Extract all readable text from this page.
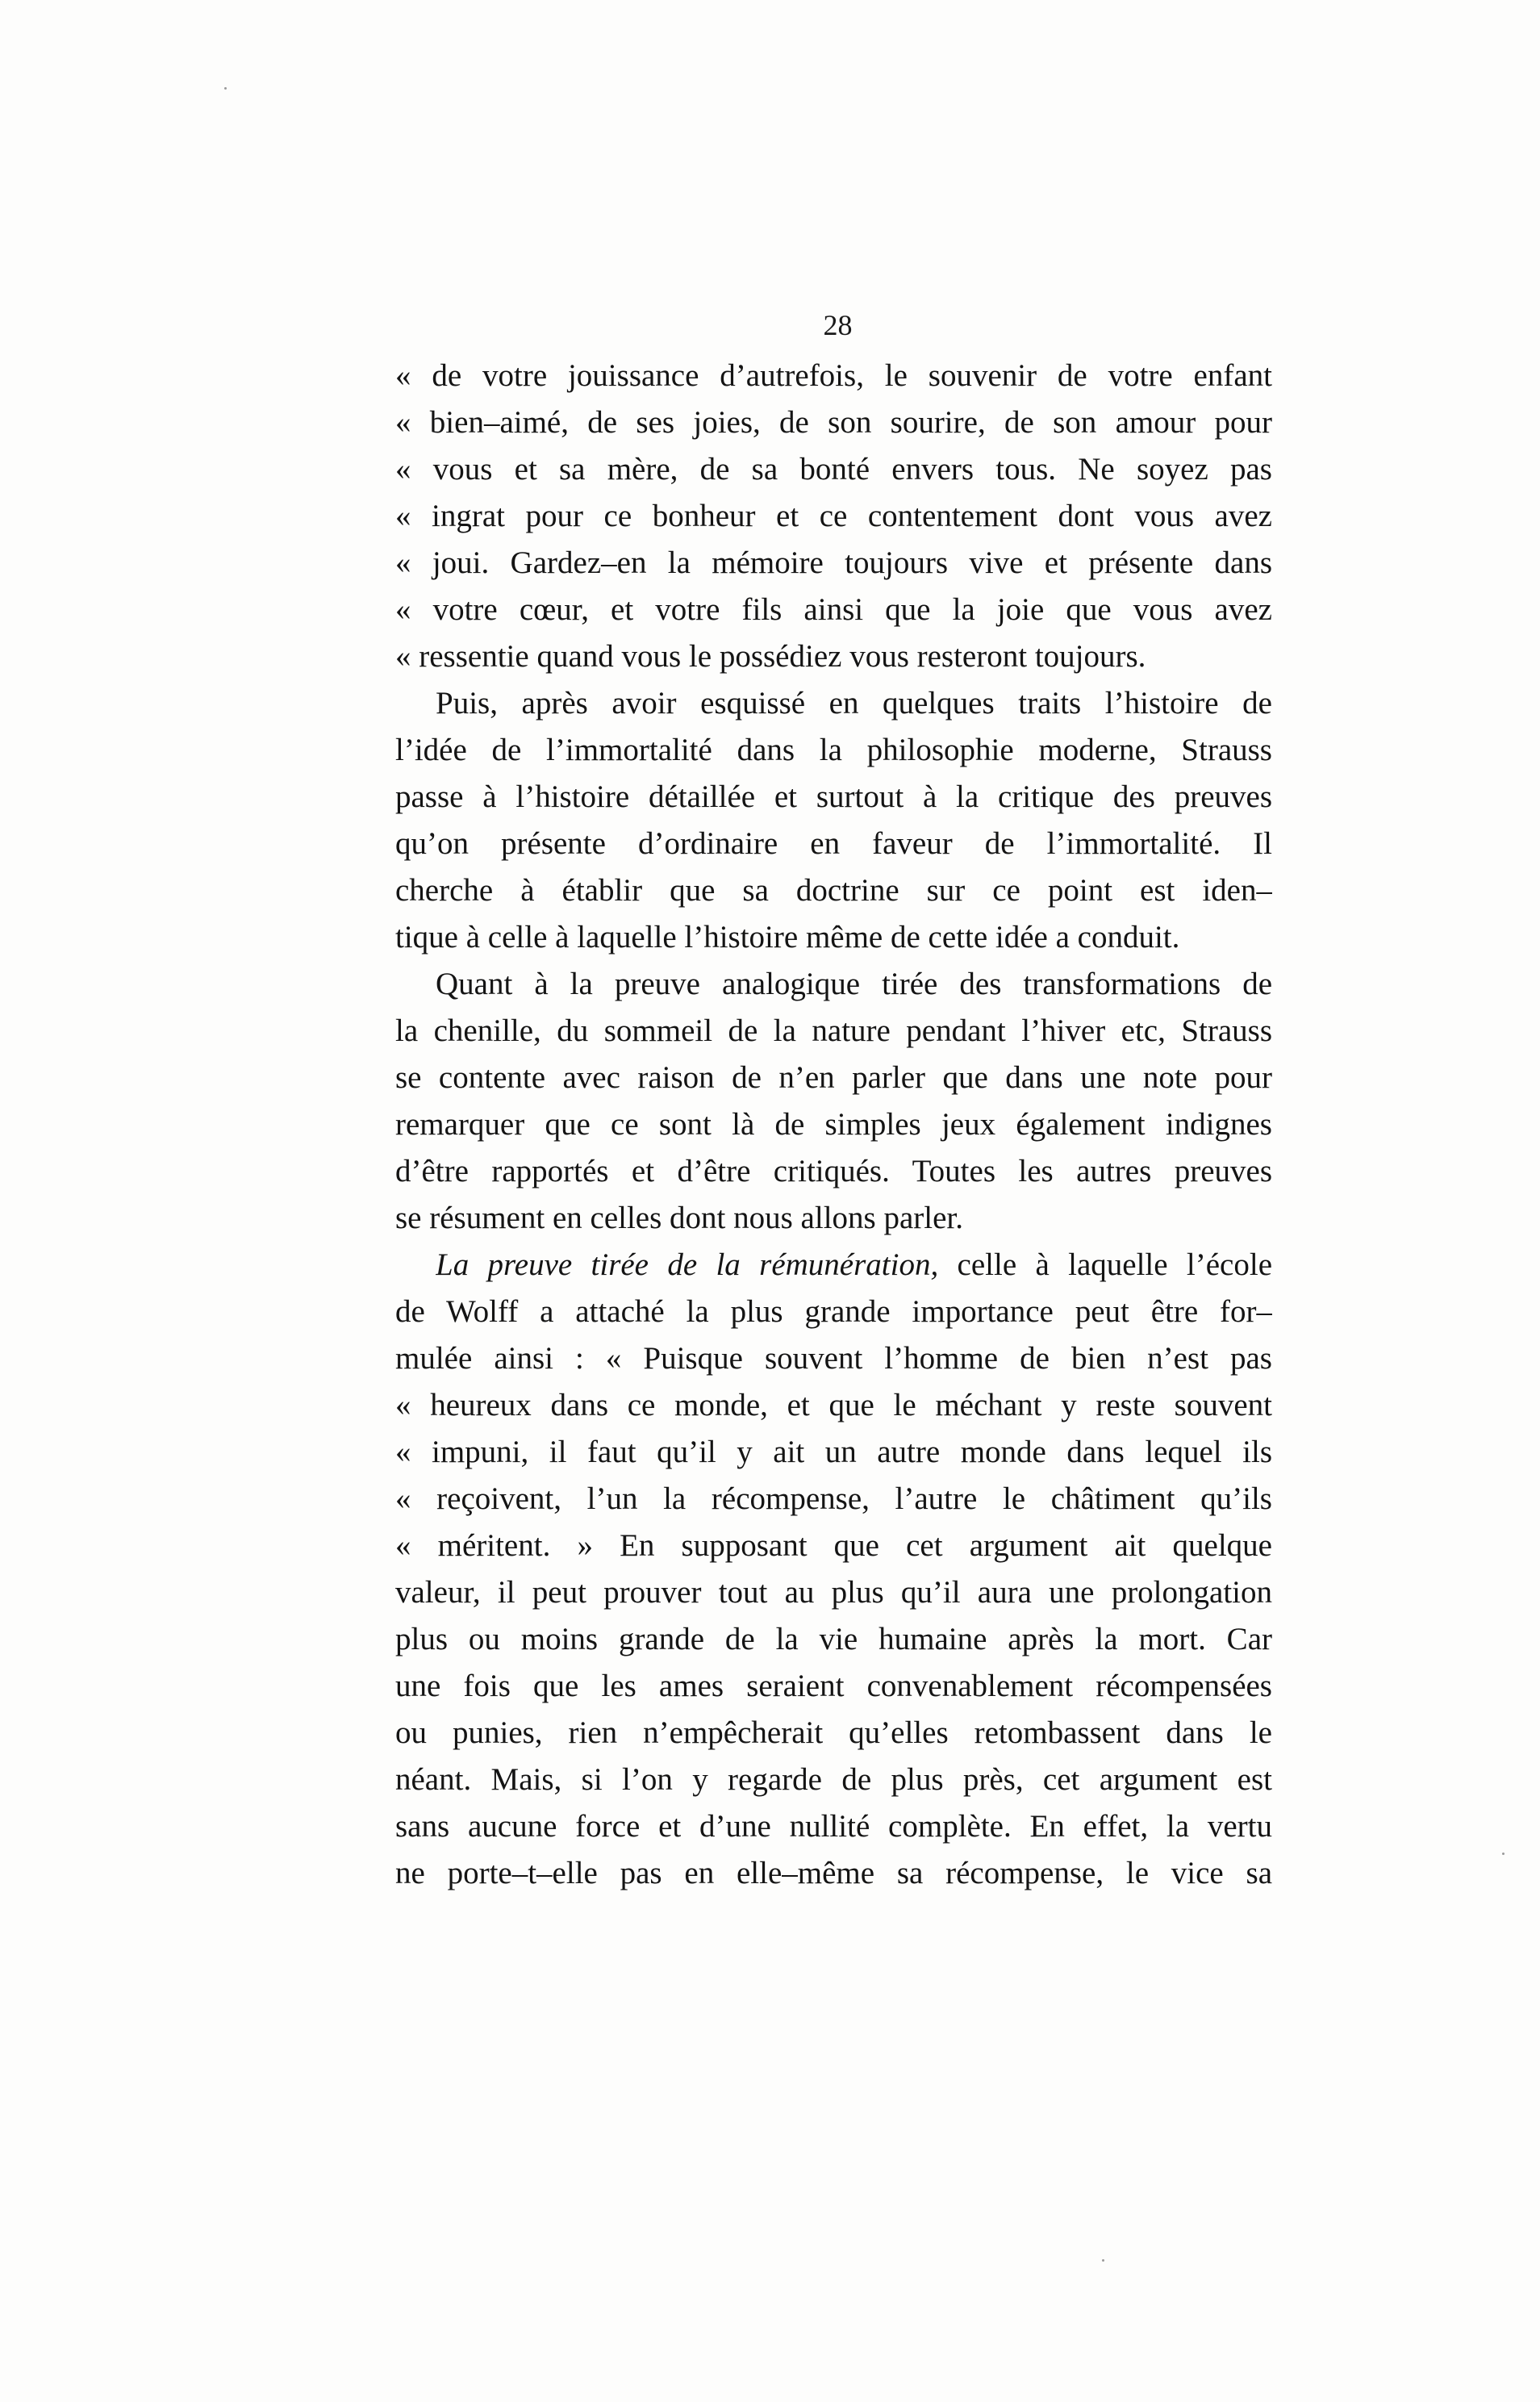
28
« de votre jouissance d’autrefois, le souvenir de votre enfant
« bien–aimé, de ses joies, de son sourire, de son amour pour
« vous et sa mère, de sa bonté envers tous. Ne soyez pas
« ingrat pour ce bonheur et ce contentement dont vous avez
« joui. Gardez–en la mémoire toujours vive et présente dans
« votre cœur, et votre fils ainsi que la joie que vous avez
« ressentie quand vous le possédiez vous resteront toujours.
Puis, après avoir esquissé en quelques traits l’histoire de
l’idée de l’immortalité dans la philosophie moderne, Strauss
passe à l’histoire détaillée et surtout à la critique des preuves
qu’on présente d’ordinaire en faveur de l’immortalité. Il
cherche à établir que sa doctrine sur ce point est iden–
tique à celle à laquelle l’histoire même de cette idée a conduit.
Quant à la preuve analogique tirée des transformations de
la chenille, du sommeil de la nature pendant l’hiver etc, Strauss
se contente avec raison de n’en parler que dans une note pour
remarquer que ce sont là de simples jeux également indignes
d’être rapportés et d’être critiqués. Toutes les autres preuves
se résument en celles dont nous allons parler.
La preuve tirée de la rémunération, celle à laquelle l’école
de Wolff a attaché la plus grande importance peut être for–
mulée ainsi : « Puisque souvent l’homme de bien n’est pas
« heureux dans ce monde, et que le méchant y reste souvent
« impuni, il faut qu’il y ait un autre monde dans lequel ils
« reçoivent, l’un la récompense, l’autre le châtiment qu’ils
« méritent. » En supposant que cet argument ait quelque
valeur, il peut prouver tout au plus qu’il aura une prolongation
plus ou moins grande de la vie humaine après la mort. Car
une fois que les ames seraient convenablement récompensées
ou punies, rien n’empêcherait qu’elles retombassent dans le
néant. Mais, si l’on y regarde de plus près, cet argument est
sans aucune force et d’une nullité complète. En effet, la vertu
ne porte–t–elle pas en elle–même sa récompense, le vice sa
